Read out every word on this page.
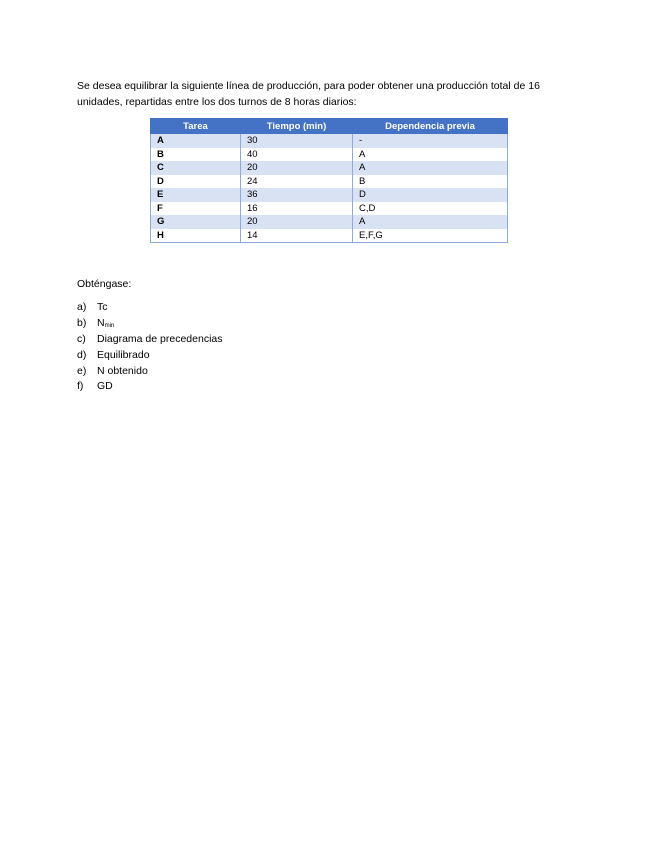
Se desea equilibrar la siguiente línea de producción, para poder obtener una producción total de 16
unidades, repartidas entre los dos turnos de 8 horas diarios:

Tarea	Tiempo (min)	Dependencia previa
A	30	-
B	40	A
C	20	A
D	24	B
E	36	D
F	16	C,D
G	20	A
H	14	E,F,G

Obténgase:

a) Tc
b) $N_{min}$
c) Diagrama de precedencias
d) Equilibrado
e) N obtenido
f) GD
